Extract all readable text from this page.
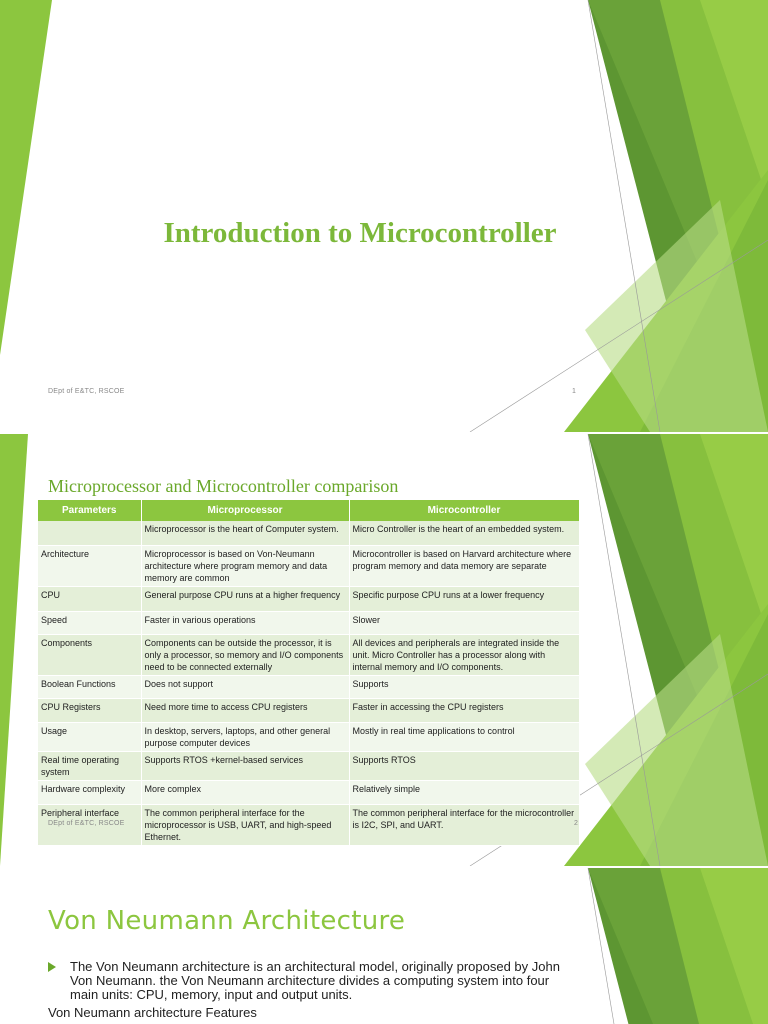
Introduction to Microcontroller
DEpt of E&TC, RSCOE	1
Microprocessor and Microcontroller comparison
Parameters	Microprocessor	Microcontroller
	Microprocessor is the heart of Computer system.	Micro Controller is the heart of an embedded system.
Architecture	Microprocessor is based on Von-Neumann architecture where program memory and data memory are common	Microcontroller is based on Harvard architecture where program memory and data memory are separate
CPU	General purpose CPU runs at a higher frequency	Specific purpose CPU runs at a lower frequency
Speed	Faster in various operations	Slower
Components	Components can be outside the processor, it is only a processor, so memory and I/O components need to be connected externally	All devices and peripherals are integrated inside the unit. Micro Controller has a processor along with internal memory and I/O components.
Boolean Functions	Does not support	Supports
CPU Registers	Need more time to access CPU registers	Faster in accessing the CPU registers
Usage	In desktop, servers, laptops, and other general purpose computer devices	Mostly in real time applications to control
Real time operating system	Supports RTOS +kernel-based services	Supports RTOS
Hardware complexity	More complex	Relatively simple
Peripheral interface	The common peripheral interface for the microprocessor is USB, UART, and high-speed Ethernet.	The common peripheral interface for the microcontroller is I2C, SPI, and UART.
DEpt of E&TC, RSCOE	2
Von Neumann Architecture
The Von Neumann architecture is an architectural model, originally proposed by John Von Neumann. the Von Neumann architecture divides a computing system into four main units: CPU, memory, input and output units.
Von Neumann architecture Features
